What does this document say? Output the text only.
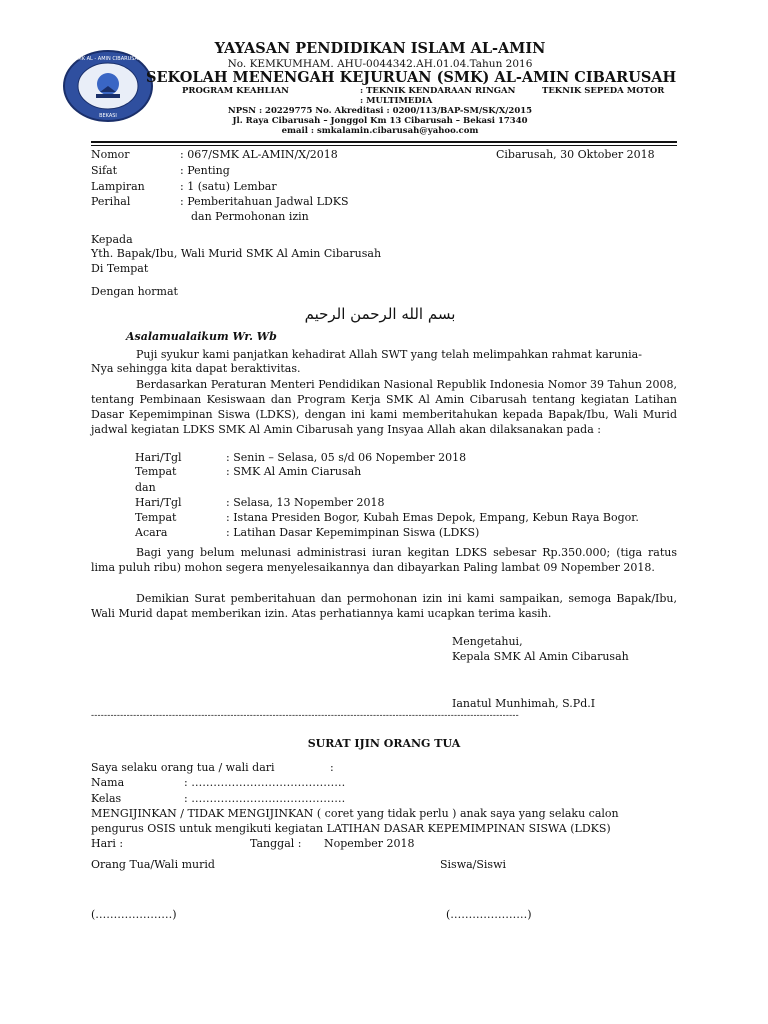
SMK AL - AMIN CIBARUSAH
BEKASI
YAYASAN PENDIDIKAN ISLAM AL-AMIN
No. KEMKUMHAM. AHU-0044342.AH.01.04.Tahun 2016
SEKOLAH MENENGAH KEJURUAN (SMK) AL-AMIN CIBARUSAH
PROGRAM KEAHLIAN	: TEKNIK KENDARAAN RINGAN	TEKNIK SEPEDA MOTOR
: MULTIMEDIA
NPSN : 20229775 No. Akreditasi : 0200/113/BAP-SM/SK/X/2015
Jl. Raya Cibarusah – Jonggol Km 13 Cibarusah – Bekasi 17340
email : smkalamin.cibarusah@yahoo.com
Nomor	: 067/SMK AL-AMIN/X/2018	Cibarusah, 30 Oktober 2018
Sifat	: Penting
Lampiran	: 1 (satu) Lembar
Perihal	: Pemberitahuan Jadwal LDKS
dan Permohonan izin
Kepada
Yth. Bapak/Ibu, Wali Murid SMK Al Amin Cibarusah
Di Tempat
Dengan hormat
بسم الله الرحمن الرحيم
Asalamualaikum Wr. Wb
Puji syukur kami panjatkan kehadirat Allah SWT yang telah melimpahkan rahmat karunia-
Nya sehingga kita dapat beraktivitas.
Berdasarkan Peraturan Menteri Pendidikan Nasional Republik Indonesia Nomor 39 Tahun 2008, tentang Pembinaan Kesiswaan dan Program Kerja SMK Al Amin Cibarusah tentang kegiatan Latihan Dasar Kepemimpinan Siswa (LDKS), dengan ini kami memberitahukan kepada Bapak/Ibu, Wali Murid jadwal kegiatan LDKS SMK Al Amin Cibarusah yang Insyaa Allah akan dilaksanakan pada :
Hari/Tgl	: Senin – Selasa, 05 s/d 06 Nopember 2018
Tempat	: SMK Al Amin Ciarusah
dan
Hari/Tgl	: Selasa, 13 Nopember 2018
Tempat	: Istana Presiden Bogor, Kubah Emas Depok, Empang, Kebun Raya Bogor.
Acara	: Latihan Dasar Kepemimpinan Siswa (LDKS)
Bagi yang belum melunasi administrasi iuran kegitan LDKS sebesar Rp.350.000; (tiga ratus lima puluh ribu) mohon segera menyelesaikannya dan dibayarkan Paling lambat 09 Nopember 2018.
Demikian Surat pemberitahuan dan permohonan izin ini kami sampaikan, semoga Bapak/Ibu, Wali Murid dapat memberikan izin. Atas perhatiannya kami ucapkan terima kasih.
Mengetahui,
Kepala SMK Al Amin Cibarusah
Ianatul Munhimah, S.Pd.I
------------------------------------------------------------------------------------------------------------------------------------
SURAT IJIN ORANG TUA
Saya selaku orang tua / wali dari	:
Nama	: ……………………………………
Kelas	: ……………………………………
MENGIJINKAN / TIDAK MENGIJINKAN ( coret yang tidak perlu ) anak saya yang selaku calon
pengurus OSIS untuk mengikuti kegiatan LATIHAN DASAR KEPEMIMPINAN SISWA (LDKS)
Hari :	Tanggal : Nopember 2018
Orang Tua/Wali murid	Siswa/Siswi
(…………………)	(…………………)
